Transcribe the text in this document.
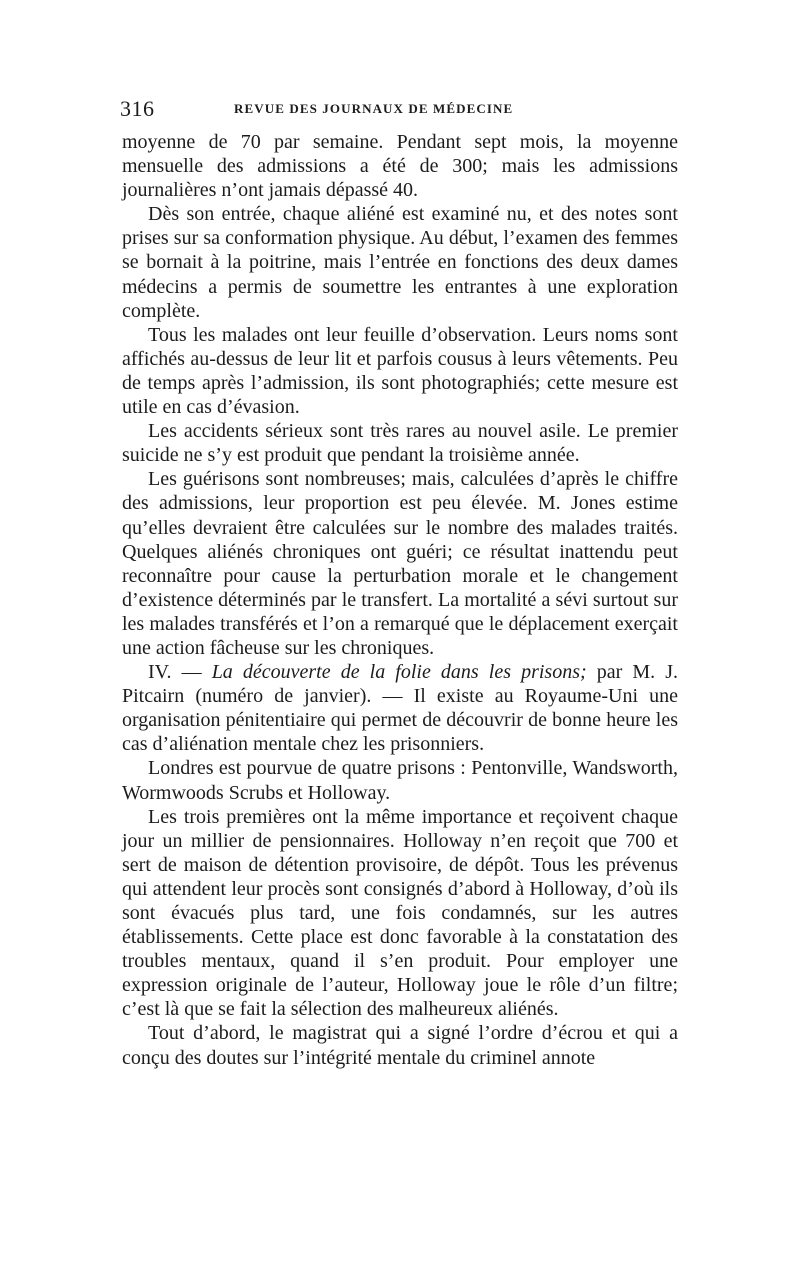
316	REVUE DES JOURNAUX DE MÉDECINE

moyenne de 70 par semaine. Pendant sept mois, la moyenne mensuelle des admissions a été de 300; mais les admissions journalières n’ont jamais dépassé 40.

Dès son entrée, chaque aliéné est examiné nu, et des notes sont prises sur sa conformation physique. Au début, l’examen des femmes se bornait à la poitrine, mais l’entrée en fonctions des deux dames médecins a permis de soumettre les entrantes à une exploration complète.

Tous les malades ont leur feuille d’observation. Leurs noms sont affichés au-dessus de leur lit et parfois cousus à leurs vêtements. Peu de temps après l’admission, ils sont photographiés; cette mesure est utile en cas d’évasion.

Les accidents sérieux sont très rares au nouvel asile. Le premier suicide ne s’y est produit que pendant la troisième année.

Les guérisons sont nombreuses; mais, calculées d’après le chiffre des admissions, leur proportion est peu élevée. M. Jones estime qu’elles devraient être calculées sur le nombre des malades traités. Quelques aliénés chroniques ont guéri; ce résultat inattendu peut reconnaître pour cause la perturbation morale et le changement d’existence déterminés par le transfert. La mortalité a sévi surtout sur les malades transférés et l’on a remarqué que le déplacement exerçait une action fâcheuse sur les chroniques.

IV. — La découverte de la folie dans les prisons; par M. J. Pitcairn (numéro de janvier). — Il existe au Royaume-Uni une organisation pénitentiaire qui permet de découvrir de bonne heure les cas d’aliénation mentale chez les prisonniers.

Londres est pourvue de quatre prisons : Pentonville, Wandsworth, Wormwoods Scrubs et Holloway.

Les trois premières ont la même importance et reçoivent chaque jour un millier de pensionnaires. Holloway n’en reçoit que 700 et sert de maison de détention provisoire, de dépôt. Tous les prévenus qui attendent leur procès sont consignés d’abord à Holloway, d’où ils sont évacués plus tard, une fois condamnés, sur les autres établissements. Cette place est donc favorable à la constatation des troubles mentaux, quand il s’en produit. Pour employer une expression originale de l’auteur, Holloway joue le rôle d’un filtre; c’est là que se fait la sélection des malheureux aliénés.

Tout d’abord, le magistrat qui a signé l’ordre d’écrou et qui a conçu des doutes sur l’intégrité mentale du criminel annote
